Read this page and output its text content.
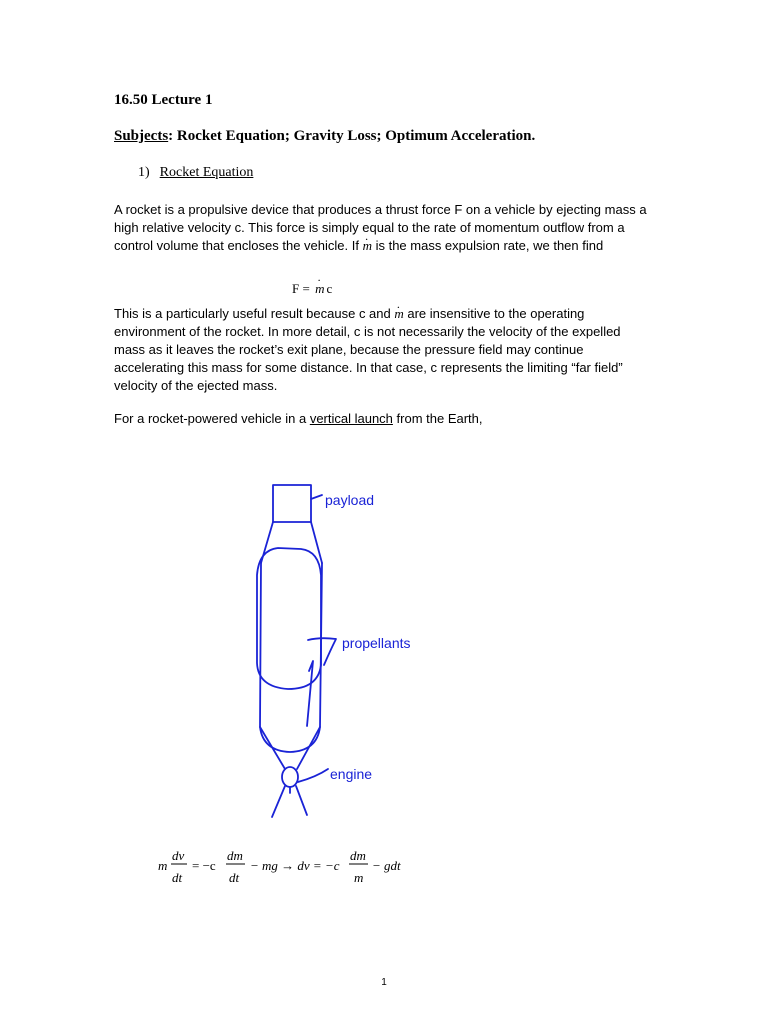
16.50 Lecture 1
Subjects: Rocket Equation; Gravity Loss; Optimum Acceleration.
1) Rocket Equation
A rocket is a propulsive device that produces a thrust force F on a vehicle by ejecting mass a high relative velocity c. This force is simply equal to the rate of momentum outflow from a control volume that encloses the vehicle. If · m is the mass expulsion rate, we then find
F = · m c
This is a particularly useful result because c and · m are insensitive to the operating environment of the rocket. In more detail, c is not necessarily the velocity of the expelled mass as it leaves the rocket’s exit plane, because the pressure field may continue accelerating this mass for some distance. In that case, c represents the limiting “far field” velocity of the ejected mass.
For a rocket-powered vehicle in a vertical launch from the Earth,
payload
propellants
engine
m
dv
dt
= −c
dm
dt
− mg → dv = −c
dm
m
− gdt
1
